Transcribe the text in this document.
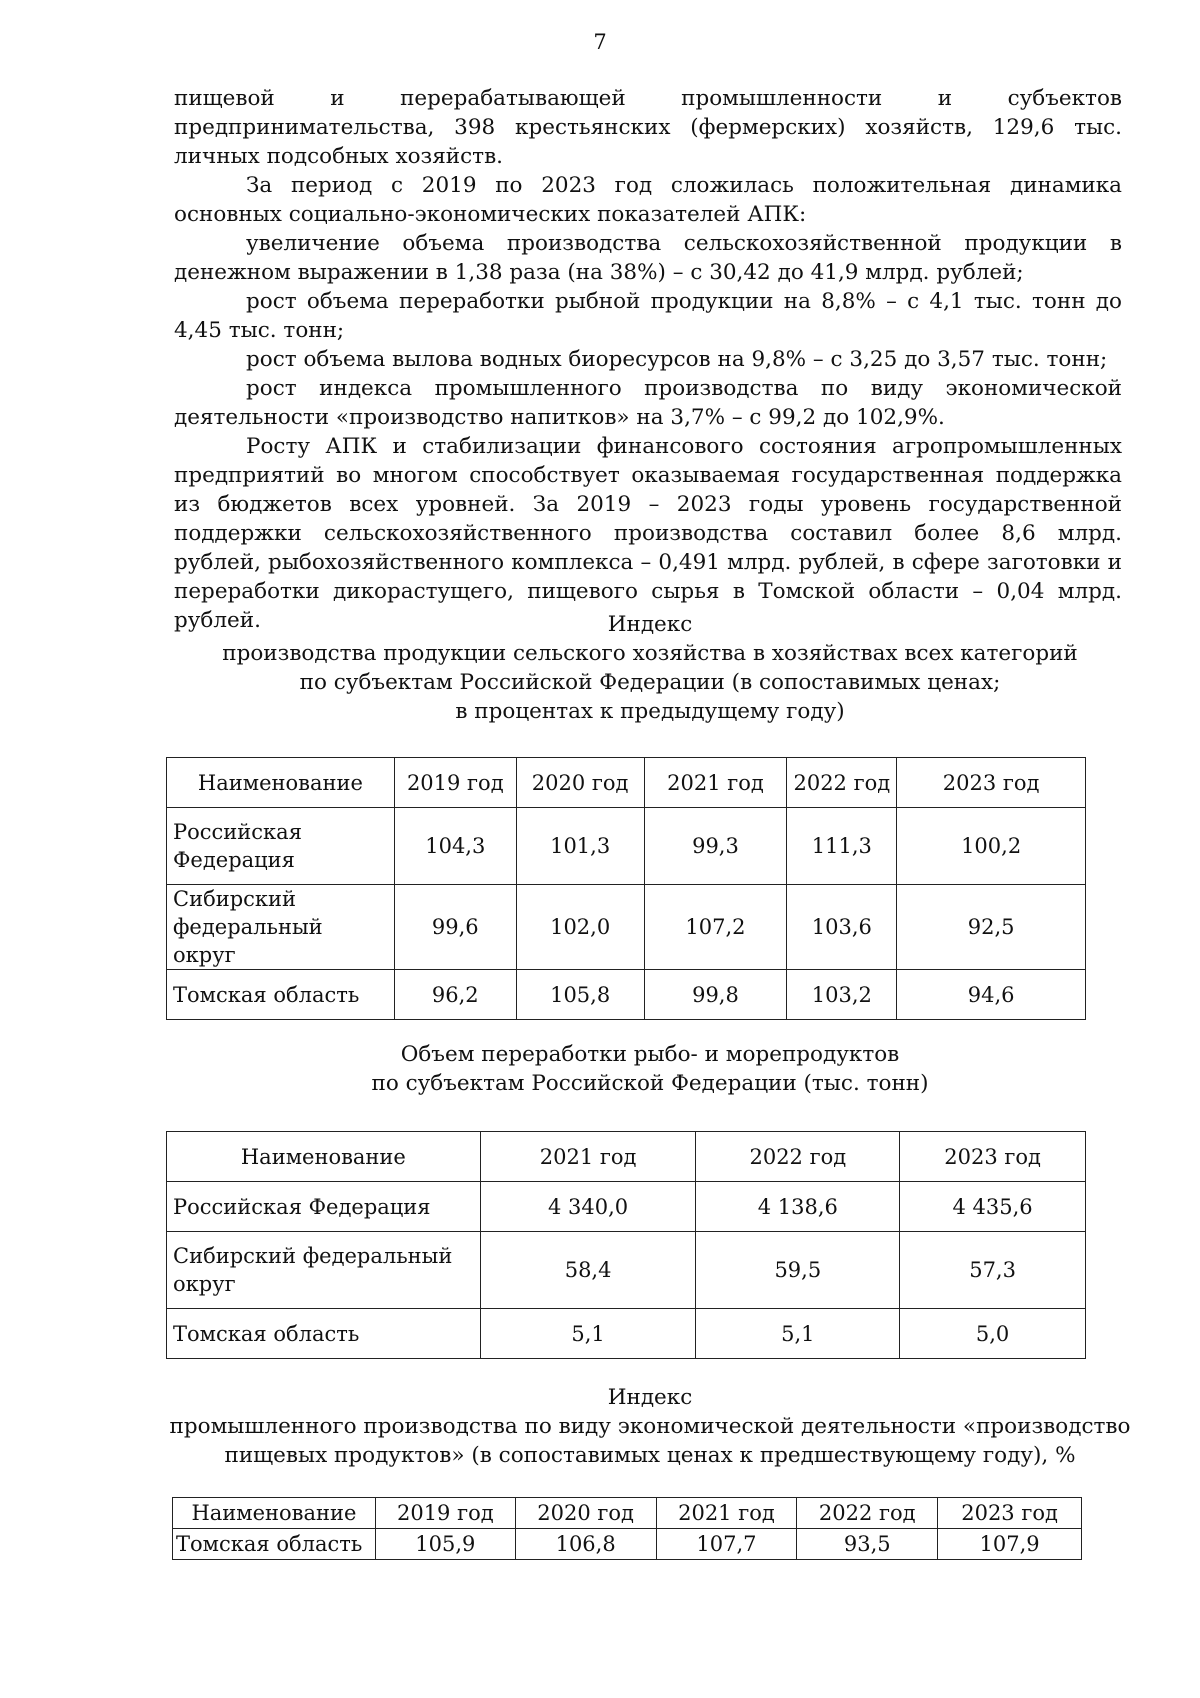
7

пищевой и перерабатывающей промышленности и субъектов предпринимательства, 398 крестьянских (фермерских) хозяйств, 129,6 тыс. личных подсобных хозяйств.

За период с 2019 по 2023 год сложилась положительная динамика основных социально-экономических показателей АПК:

увеличение объема производства сельскохозяйственной продукции в денежном выражении в 1,38 раза (на 38%) – с 30,42 до 41,9 млрд. рублей;

рост объема переработки рыбной продукции на 8,8% – с 4,1 тыс. тонн до 4,45 тыс. тонн;

рост объема вылова водных биоресурсов на 9,8% – с 3,25 до 3,57 тыс. тонн;

рост индекса промышленного производства по виду экономической деятельности «производство напитков» на 3,7% – с 99,2 до 102,9%.

Росту АПК и стабилизации финансового состояния агропромышленных предприятий во многом способствует оказываемая государственная поддержка из бюджетов всех уровней. За 2019 – 2023 годы уровень государственной поддержки сельскохозяйственного производства составил более 8,6 млрд. рублей, рыбохозяйственного комплекса – 0,491 млрд. рублей, в сфере заготовки и переработки дикорастущего, пищевого сырья в Томской области – 0,04 млрд. рублей.	Индекс
производства продукции сельского хозяйства в хозяйствах всех категорий
по субъектам Российской Федерации (в сопоставимых ценах;
в процентах к предыдущему году)
Наименование	2019 год	2020 год	2021 год	2022 год	2023 год
Российская Федерация	104,3	101,3	99,3	111,3	100,2
Сибирский федеральный округ	99,6	102,0	107,2	103,6	92,5
Томская область	96,2	105,8	99,8	103,2	94,6
Объем переработки рыбо- и морепродуктов
по субъектам Российской Федерации (тыс. тонн)
Наименование	2021 год	2022 год	2023 год
Российская Федерация	4 340,0	4 138,6	4 435,6
Сибирский федеральный округ	58,4	59,5	57,3
Томская область	5,1	5,1	5,0
Индекс
промышленного производства по виду экономической деятельности «производство
пищевых продуктов» (в сопоставимых ценах к предшествующему году), %
Наименование	2019 год	2020 год	2021 год	2022 год	2023 год
Томская область	105,9	106,8	107,7	93,5	107,9
